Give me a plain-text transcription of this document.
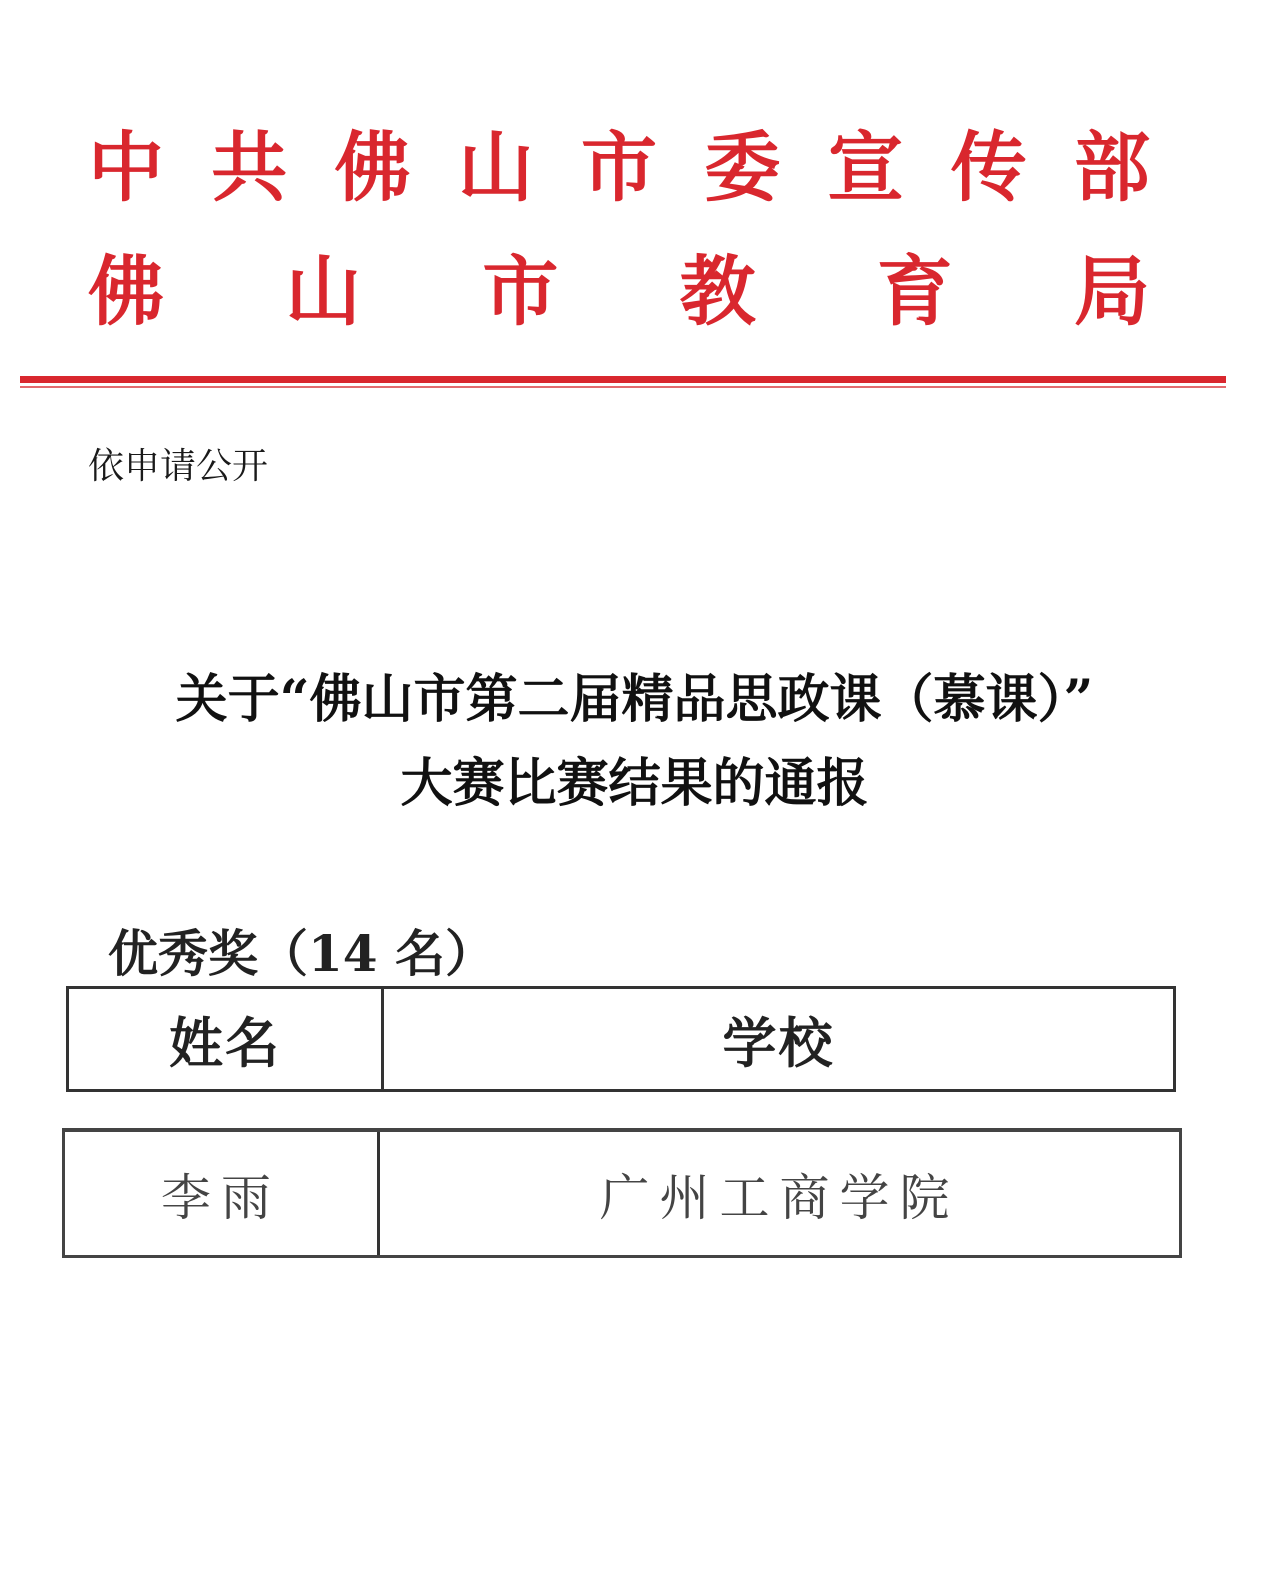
中 共 佛 山 市 委 宣 传 部
佛 山 市 教 育 局
依申请公开
关于“佛山市第二届精品思政课（慕课）”
大赛比赛结果的通报
优秀奖（14 名）
姓名	学校
李雨	广州工商学院
